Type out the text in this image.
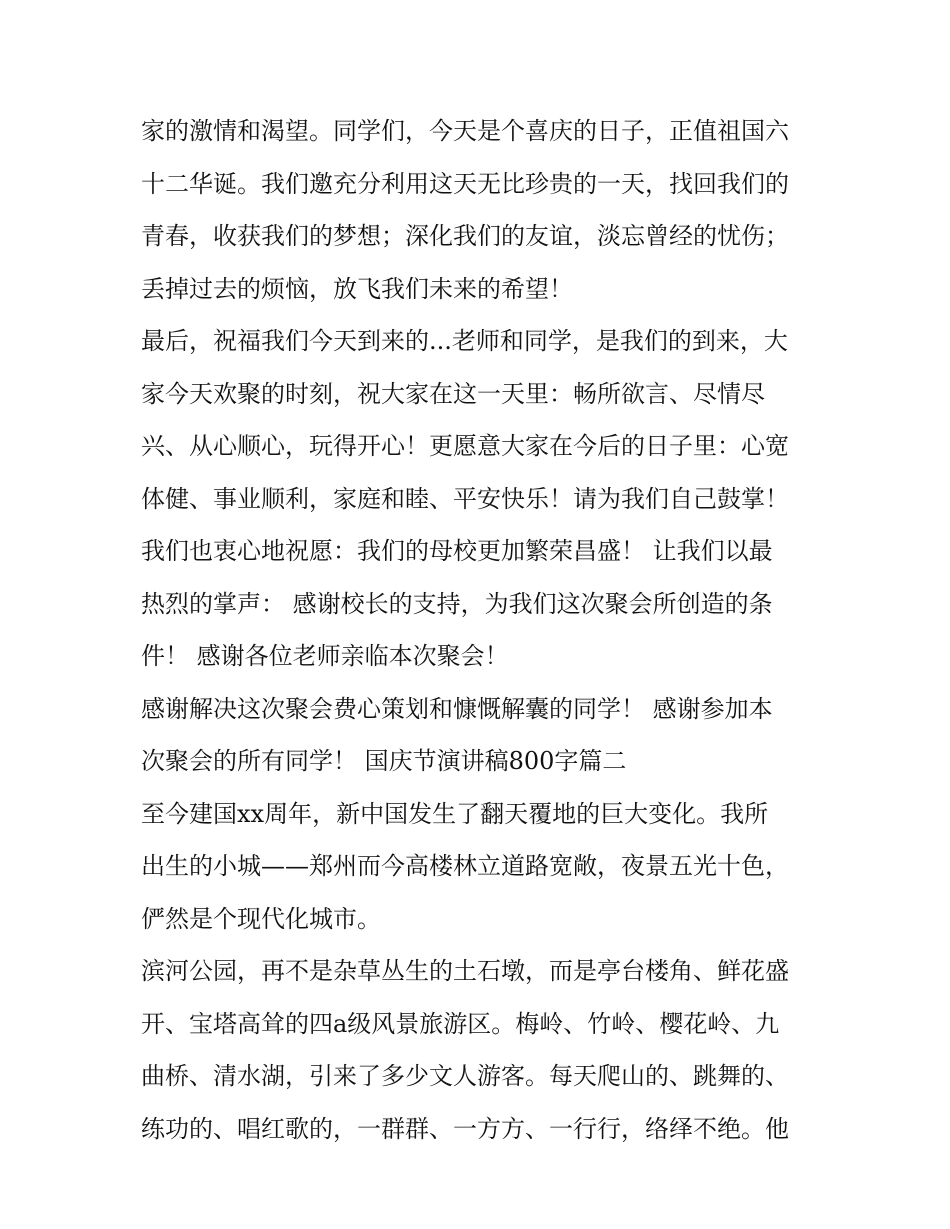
家的激情和渴望。同学们，今天是个喜庆的日子，正值祖国六
十二华诞。我们邀充分利用这天无比珍贵的一天，找回我们的
青春，收获我们的梦想；深化我们的友谊，淡忘曾经的忧伤；
丢掉过去的烦恼，放飞我们未来的希望！
最后，祝福我们今天到来的...老师和同学，是我们的到来，大
家今天欢聚的时刻，祝大家在这一天里：畅所欲言、尽情尽
兴、从心顺心，玩得开心！更愿意大家在今后的日子里：心宽
体健、事业顺利，家庭和睦、平安快乐！请为我们自己鼓掌！
我们也衷心地祝愿：我们的母校更加繁荣昌盛！ 让我们以最
热烈的掌声： 感谢校长的支持，为我们这次聚会所创造的条
件！ 感谢各位老师亲临本次聚会！
感谢解决这次聚会费心策划和慷慨解囊的同学！ 感谢参加本
次聚会的所有同学！ 国庆节演讲稿800字篇二
至今建国xx周年，新中国发生了翻天覆地的巨大变化。我所
出生的小城——郑州而今高楼林立道路宽敞，夜景五光十色，
俨然是个现代化城市。
滨河公园，再不是杂草丛生的土石墩，而是亭台楼角、鲜花盛
开、宝塔高耸的四a级风景旅游区。梅岭、竹岭、樱花岭、九
曲桥、清水湖，引来了多少文人游客。每天爬山的、跳舞的、
练功的、唱红歌的，一群群、一方方、一行行，络绎不绝。他
